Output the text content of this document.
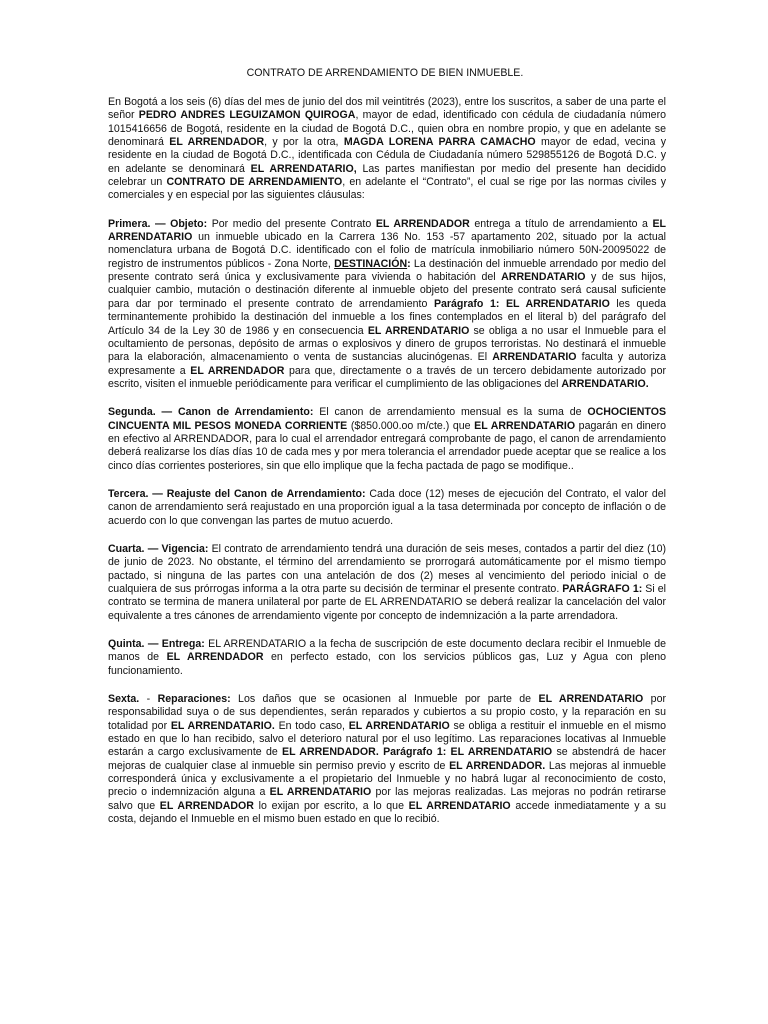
CONTRATO DE ARRENDAMIENTO DE BIEN INMUEBLE.

En Bogotá a los seis (6) días del mes de junio del dos mil veintitrés (2023), entre los suscritos, a saber de una parte el señor PEDRO ANDRES LEGUIZAMON QUIROGA, mayor de edad, identificado con cédula de ciudadanía número 1015416656 de Bogotá, residente en la ciudad de Bogotá D.C., quien obra en nombre propio, y que en adelante se denominará EL ARRENDADOR, y por la otra, MAGDA LORENA PARRA CAMACHO mayor de edad, vecina y residente en la ciudad de Bogotá D.C., identificada con Cédula de Ciudadanía número 529855126 de Bogotá D.C. y en adelante se denominará EL ARRENDATARIO, Las partes manifiestan por medio del presente han decidido celebrar un CONTRATO DE ARRENDAMIENTO, en adelante el “Contrato”, el cual se rige por las normas civiles y comerciales y en especial por las siguientes cláusulas:

Primera. — Objeto: Por medio del presente Contrato EL ARRENDADOR entrega a título de arrendamiento a EL ARRENDATARIO un inmueble ubicado en la Carrera 136 No. 153 -57 apartamento 202, situado por la actual nomenclatura urbana de Bogotá D.C. identificado con el folio de matrícula inmobiliario número 50N-20095022 de registro de instrumentos públicos - Zona Norte, DESTINACIÓN: La destinación del inmueble arrendado por medio del presente contrato será única y exclusivamente para vivienda o habitación del ARRENDATARIO y de sus hijos, cualquier cambio, mutación o destinación diferente al inmueble objeto del presente contrato será causal suficiente para dar por terminado el presente contrato de arrendamiento Parágrafo 1: EL ARRENDATARIO les queda terminantemente prohibido la destinación del inmueble a los fines contemplados en el literal b) del parágrafo del Artículo 34 de la Ley 30 de 1986 y en consecuencia EL ARRENDATARIO se obliga a no usar el Inmueble para el ocultamiento de personas, depósito de armas o explosivos y dinero de grupos terroristas. No destinará el inmueble para la elaboración, almacenamiento o venta de sustancias alucinógenas. El ARRENDATARIO faculta y autoriza expresamente a EL ARRENDADOR para que, directamente o a través de un tercero debidamente autorizado por escrito, visiten el inmueble periódicamente para verificar el cumplimiento de las obligaciones del ARRENDATARIO.

Segunda. — Canon de Arrendamiento: El canon de arrendamiento mensual es la suma de OCHOCIENTOS CINCUENTA MIL PESOS MONEDA CORRIENTE ($850.000.oo m/cte.) que EL ARRENDATARIO pagarán en dinero en efectivo al ARRENDADOR, para lo cual el arrendador entregará comprobante de pago, el canon de arrendamiento deberá realizarse los días días 10 de cada mes y por mera tolerancia el arrendador puede aceptar que se realice a los cinco días corrientes posteriores, sin que ello implique que la fecha pactada de pago se modifique..

Tercera. — Reajuste del Canon de Arrendamiento: Cada doce (12) meses de ejecución del Contrato, el valor del canon de arrendamiento será reajustado en una proporción igual a la tasa determinada por concepto de inflación o de acuerdo con lo que convengan las partes de mutuo acuerdo.

Cuarta. — Vigencia: El contrato de arrendamiento tendrá una duración de seis meses, contados a partir del diez (10) de junio de 2023. No obstante, el término del arrendamiento se prorrogará automáticamente por el mismo tiempo pactado, si ninguna de las partes con una antelación de dos (2) meses al vencimiento del periodo inicial o de cualquiera de sus prórrogas informa a la otra parte su decisión de terminar el presente contrato. PARÁGRAFO 1: Si el contrato se termina de manera unilateral por parte de EL ARRENDATARIO se deberá realizar la cancelación del valor equivalente a tres cánones de arrendamiento vigente por concepto de indemnización a la parte arrendadora.

Quinta. — Entrega: EL ARRENDATARIO a la fecha de suscripción de este documento declara recibir el Inmueble de manos de EL ARRENDADOR en perfecto estado, con los servicios públicos gas, Luz y Agua con pleno funcionamiento.

Sexta. - Reparaciones: Los daños que se ocasionen al Inmueble por parte de EL ARRENDATARIO por responsabilidad suya o de sus dependientes, serán reparados y cubiertos a su propio costo, y la reparación en su totalidad por EL ARRENDATARIO. En todo caso, EL ARRENDATARIO se obliga a restituir el inmueble en el mismo estado en que lo han recibido, salvo el deterioro natural por el uso legítimo. Las reparaciones locativas al Inmueble estarán a cargo exclusivamente de EL ARRENDADOR. Parágrafo 1: EL ARRENDATARIO se abstendrá de hacer mejoras de cualquier clase al inmueble sin permiso previo y escrito de EL ARRENDADOR. Las mejoras al inmueble corresponderá única y exclusivamente a el propietario del Inmueble y no habrá lugar al reconocimiento de costo, precio o indemnización alguna a EL ARRENDATARIO por las mejoras realizadas. Las mejoras no podrán retirarse salvo que EL ARRENDADOR lo exijan por escrito, a lo que EL ARRENDATARIO accede inmediatamente y a su costa, dejando el Inmueble en el mismo buen estado en que lo recibió.
